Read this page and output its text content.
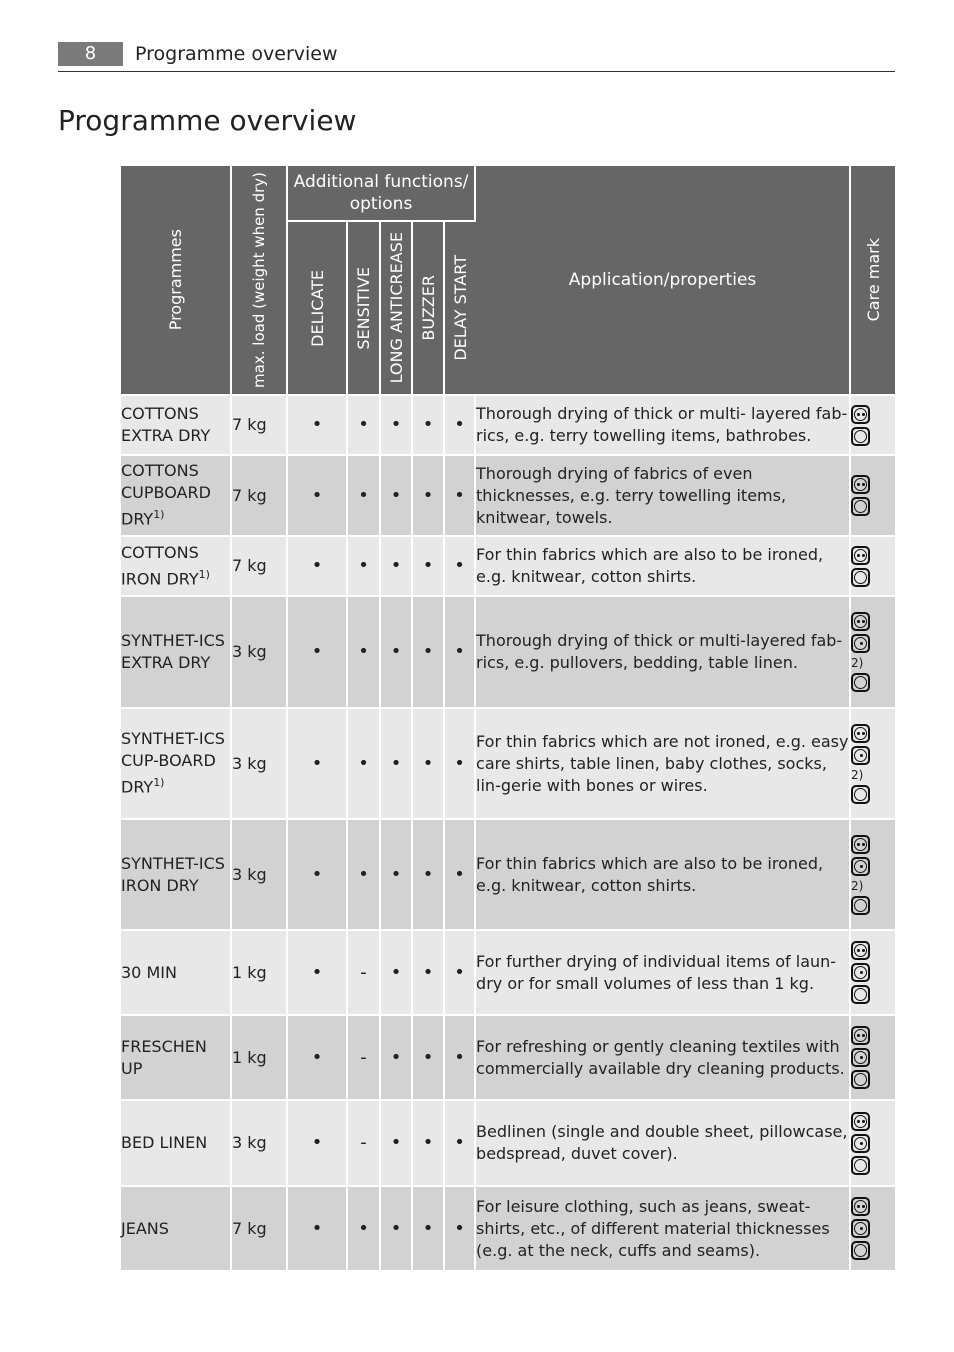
8	Programme overview
Programme overview
Programmes	max. load (weight when dry)	Additional functions/ options					Application/properties	Care mark

		DELICATE	SENSITIVE	LONG ANTICREASE	BUZZER	DELAY START		

COTTONS EXTRA DRY	7 kg	•	•	•	•	•	Thorough drying of thick or multi- layered fab-rics, e.g. terry towelling items, bathrobes.	

COTTONS CUPBOARD DRY$^{1)}$	7 kg	•	•	•	•	•	Thorough drying of fabrics of even thicknesses, e.g. terry towelling items, knitwear, towels.	

COTTONS IRON DRY$^{1)}$	7 kg	•	•	•	•	•	For thin fabrics which are also to be ironed, e.g. knitwear, cotton shirts.	

SYNTHET-ICS EXTRA DRY	3 kg	•	•	•	•	•	Thorough drying of thick or multi-layered fab-rics, e.g. pullovers, bedding, table linen.	2)

SYNTHET-ICS CUP-BOARD DRY$^{1)}$	3 kg	•	•	•	•	•	For thin fabrics which are not ironed, e.g. easy care shirts, table linen, baby clothes, socks, lin-gerie with bones or wires.	2)

SYNTHET-ICS IRON DRY	3 kg	•	•	•	•	•	For thin fabrics which are also to be ironed, e.g. knitwear, cotton shirts.	2)

30 MIN	1 kg	•	-	•	•	•	For further drying of individual items of laun-dry or for small volumes of less than 1 kg.	

FRESCHEN UP	1 kg	•	-	•	•	•	For refreshing or gently cleaning textiles with commercially available dry cleaning products.	

BED LINEN	3 kg	•	-	•	•	•	Bedlinen (single and double sheet, pillowcase, bedspread, duvet cover).	

JEANS	7 kg	•	•	•	•	•	For leisure clothing, such as jeans, sweat-shirts, etc., of different material thicknesses (e.g. at the neck, cuffs and seams).	
